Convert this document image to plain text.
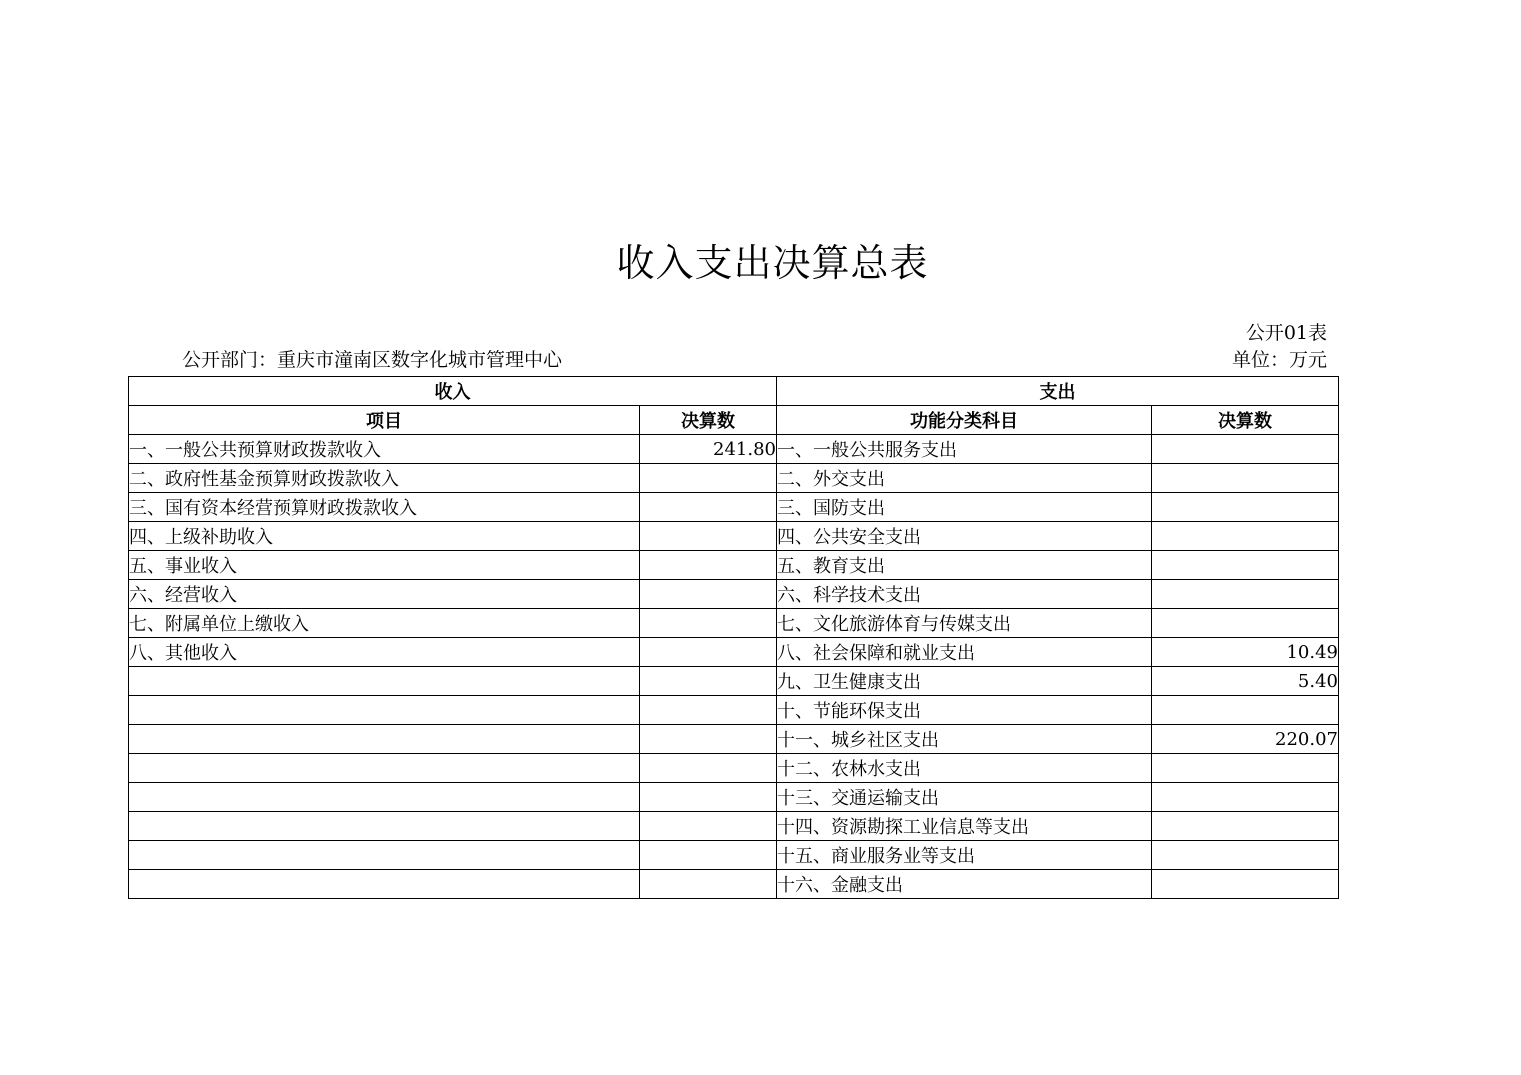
收入支出决算总表
公开01表
公开部门：重庆市潼南区数字化城市管理中心	单位：万元
收入		支出	
项目	决算数	功能分类科目	决算数
一、一般公共预算财政拨款收入	241.80	一、一般公共服务支出	
二、政府性基金预算财政拨款收入		二、外交支出	
三、国有资本经营预算财政拨款收入		三、国防支出	
四、上级补助收入		四、公共安全支出	
五、事业收入		五、教育支出	
六、经营收入		六、科学技术支出	
七、附属单位上缴收入		七、文化旅游体育与传媒支出	
八、其他收入		八、社会保障和就业支出	10.49
		九、卫生健康支出	5.40
		十、节能环保支出	
		十一、城乡社区支出	220.07
		十二、农林水支出	
		十三、交通运输支出	
		十四、资源勘探工业信息等支出	
		十五、商业服务业等支出	
		十六、金融支出	
